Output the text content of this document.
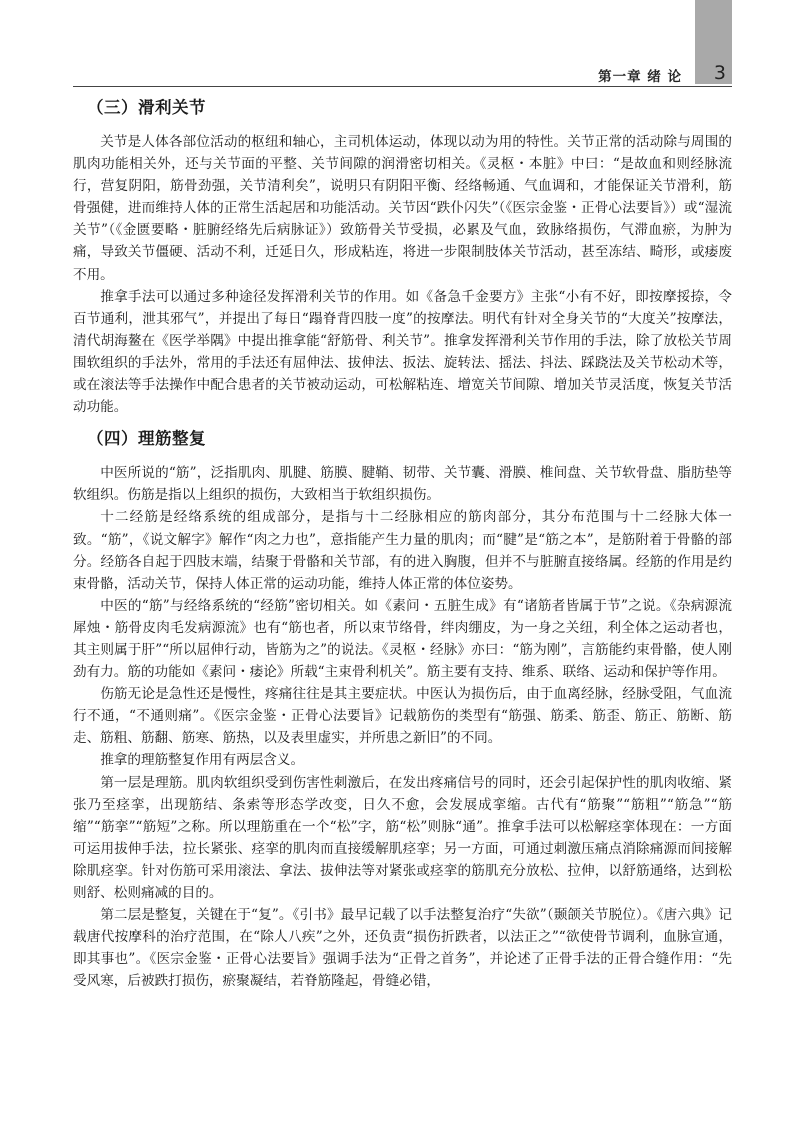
第一章 绪 论 3
（三）滑利关节

关节是人体各部位活动的枢纽和轴心，主司机体运动，体现以动为用的特性。关节正常的活动除与周围的肌肉功能相关外，还与关节面的平整、关节间隙的润滑密切相关。《灵枢・本脏》中曰：“是故血和则经脉流行，营复阴阳，筋骨劲强，关节清利矣”，说明只有阴阳平衡、经络畅通、气血调和，才能保证关节滑利，筋骨强健，进而维持人体的正常生活起居和功能活动。关节因“跌仆闪失”（《医宗金鉴・正骨心法要旨》）或“湿流关节”（《金匮要略・脏腑经络先后病脉证》）致筋骨关节受损，必累及气血，致脉络损伤，气滞血瘀，为肿为痛，导致关节僵硬、活动不利，迁延日久，形成粘连，将进一步限制肢体关节活动，甚至冻结、畸形，或痿废不用。

推拿手法可以通过多种途径发挥滑利关节的作用。如《备急千金要方》主张“小有不好，即按摩挼捺，令百节通利，泄其邪气”，并提出了每日“蹋脊背四肢一度”的按摩法。明代有针对全身关节的“大度关”按摩法，清代胡海鳌在《医学举隅》中提出推拿能“舒筋骨、利关节”。推拿发挥滑利关节作用的手法，除了放松关节周围软组织的手法外，常用的手法还有屈伸法、拔伸法、扳法、旋转法、摇法、抖法、踩跷法及关节松动术等，或在滚法等手法操作中配合患者的关节被动运动，可松解粘连、增宽关节间隙、增加关节灵活度，恢复关节活动功能。

（四）理筋整复

中医所说的“筋”，泛指肌肉、肌腱、筋膜、腱鞘、韧带、关节囊、滑膜、椎间盘、关节软骨盘、脂肪垫等软组织。伤筋是指以上组织的损伤，大致相当于软组织损伤。

十二经筋是经络系统的组成部分，是指与十二经脉相应的筋肉部分，其分布范围与十二经脉大体一致。“筋”，《说文解字》解作“肉之力也”，意指能产生力量的肌肉；而“腱”是“筋之本”，是筋附着于骨骼的部分。经筋各自起于四肢末端，结聚于骨骼和关节部，有的进入胸腹，但并不与脏腑直接络属。经筋的作用是约束骨骼，活动关节，保持人体正常的运动功能，维持人体正常的体位姿势。

中医的“筋”与经络系统的“经筋”密切相关。如《素问・五脏生成》有“诸筋者皆属于节”之说。《杂病源流犀烛・筋骨皮肉毛发病源流》也有“筋也者，所以束节络骨，绊肉绷皮，为一身之关纽，利全体之运动者也，其主则属于肝”“所以屈伸行动，皆筋为之”的说法。《灵枢・经脉》亦曰：“筋为刚”，言筋能约束骨骼，使人刚劲有力。筋的功能如《素问・痿论》所载“主束骨利机关”。筋主要有支持、维系、联络、运动和保护等作用。

伤筋无论是急性还是慢性，疼痛往往是其主要症状。中医认为损伤后，由于血离经脉，经脉受阻，气血流行不通，“不通则痛”。《医宗金鉴・正骨心法要旨》记载筋伤的类型有“筋强、筋柔、筋歪、筋正、筋断、筋走、筋粗、筋翻、筋寒、筋热，以及表里虚实，并所患之新旧”的不同。

推拿的理筋整复作用有两层含义。

第一层是理筋。肌肉软组织受到伤害性刺激后，在发出疼痛信号的同时，还会引起保护性的肌肉收缩、紧张乃至痉挛，出现筋结、条索等形态学改变，日久不愈，会发展成挛缩。古代有“筋聚”“筋粗”“筋急”“筋缩”“筋挛”“筋短”之称。所以理筋重在一个“松”字，筋“松”则脉“通”。推拿手法可以松解痉挛体现在：一方面可运用拔伸手法，拉长紧张、痉挛的肌肉而直接缓解肌痉挛；另一方面，可通过刺激压痛点消除痛源而间接解除肌痉挛。针对伤筋可采用滚法、拿法、拔伸法等对紧张或痉挛的筋肌充分放松、拉伸，以舒筋通络，达到松则舒、松则痛减的目的。

第二层是整复，关键在于“复”。《引书》最早记载了以手法整复治疗“失欲”（颞颌关节脱位）。《唐六典》记载唐代按摩科的治疗范围，在“除人八疾”之外，还负责“损伤折跌者，以法正之”“欲使骨节调利，血脉宣通，即其事也”。《医宗金鉴・正骨心法要旨》强调手法为“正骨之首务”，并论述了正骨手法的正骨合缝作用：“先受风寒，后被跌打损伤，瘀聚凝结，若脊筋隆起，骨缝必错，
